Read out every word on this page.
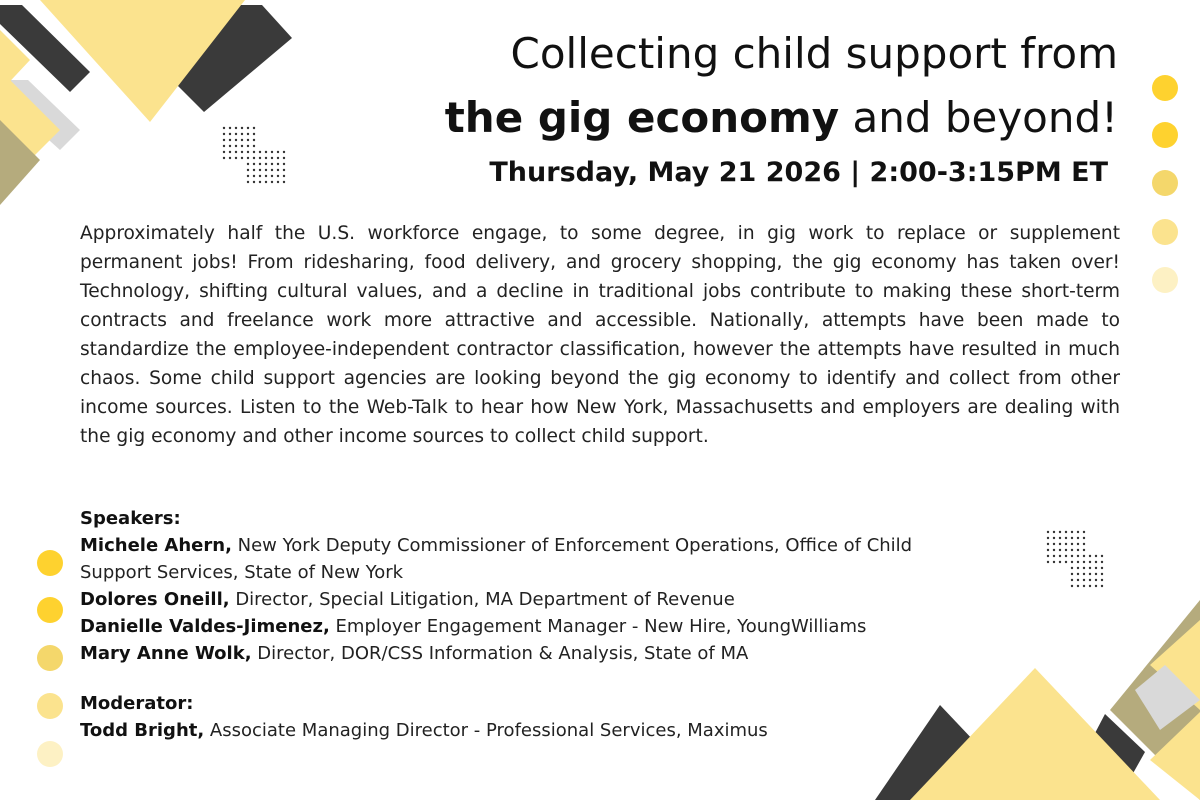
Collecting child support from
the gig economy and beyond!

Thursday, May 21 2026 | 2:00-3:15PM ET

Approximately half the U.S. workforce engage, to some degree, in gig work to replace or supplement permanent jobs! From ridesharing, food delivery, and grocery shopping, the gig economy has taken over! Technology, shifting cultural values, and a decline in traditional jobs contribute to making these short-term contracts and freelance work more attractive and accessible. Nationally, attempts have been made to standardize the employee-independent contractor classification, however the attempts have resulted in much chaos. Some child support agencies are looking beyond the gig economy to identify and collect from other income sources. Listen to the Web-Talk to hear how New York, Massachusetts and employers are dealing with the gig economy and other income sources to collect child support.

Speakers:
Michele Ahern, New York Deputy Commissioner of Enforcement Operations, Office of Child Support Services, State of New York
Dolores Oneill, Director, Special Litigation, MA Department of Revenue
Danielle Valdes-Jimenez, Employer Engagement Manager - New Hire, YoungWilliams
Mary Anne Wolk, Director, DOR/CSS Information & Analysis, State of MA
Moderator:
Todd Bright, Associate Managing Director - Professional Services, Maximus
